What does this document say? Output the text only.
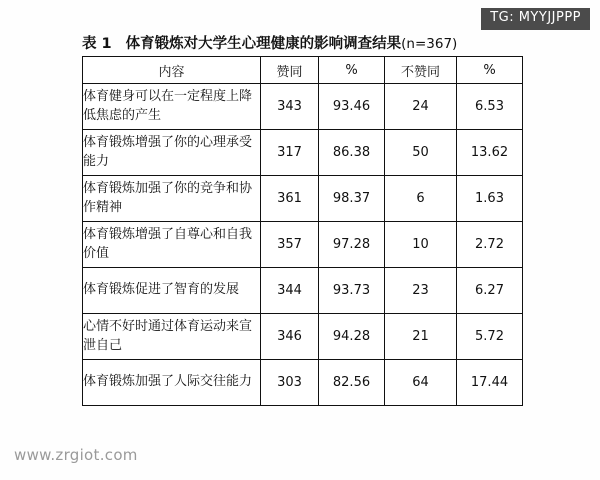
TG: MYYJJPPP
表 1 体育锻炼对大学生心理健康的影响调查结果(n=367)
内容	赞同	%	不赞同	%
体育健身可以在一定程度上降低焦虑的产生	343	93.46	24	6.53
体育锻炼增强了你的心理承受能力	317	86.38	50	13.62
体育锻炼加强了你的竞争和协作精神	361	98.37	6	1.63
体育锻炼增强了自尊心和自我价值	357	97.28	10	2.72
体育锻炼促进了智育的发展	344	93.73	23	6.27
心情不好时通过体育运动来宣泄自己	346	94.28	21	5.72
体育锻炼加强了人际交往能力	303	82.56	64	17.44
www.zrgiot.com
